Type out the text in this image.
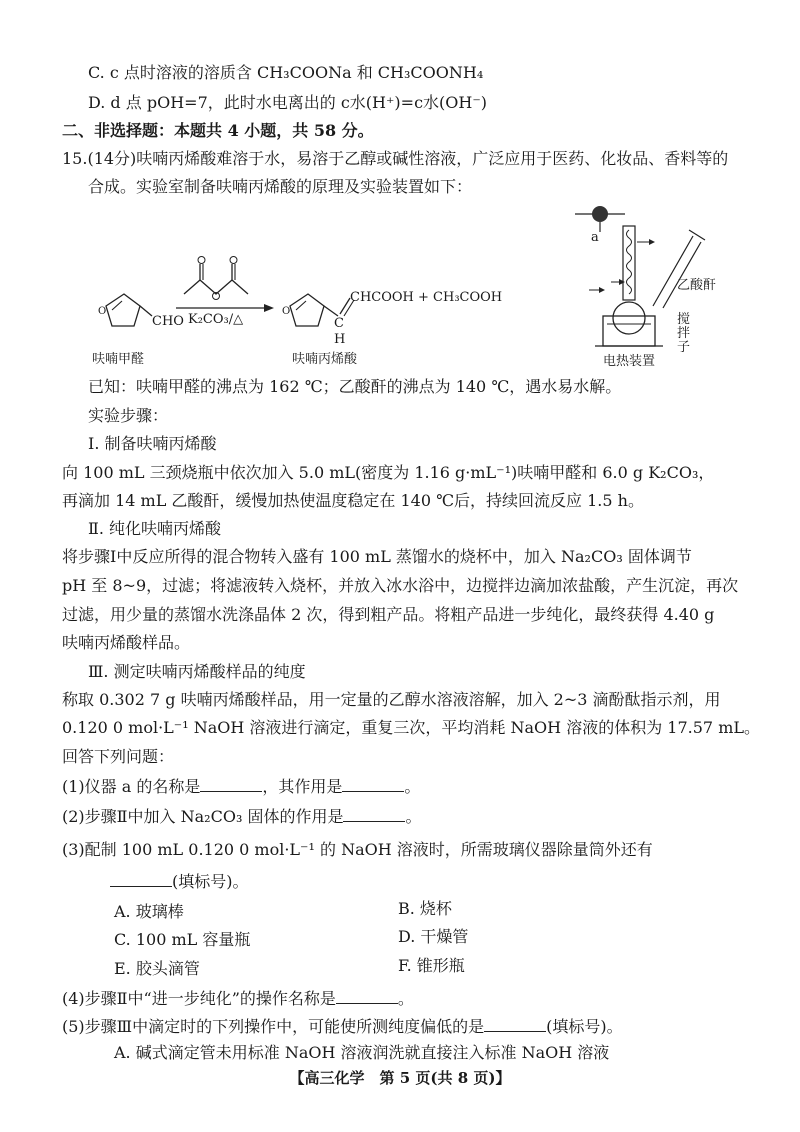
C. c 点时溶液的溶质含 CH₃COONa 和 CH₃COONH₄
D. d 点 pOH=7，此时水电离出的 c水(H⁺)=c水(OH⁻)
二、非选择题：本题共 4 小题，共 58 分。
15.(14分)呋喃丙烯酸难溶于水，易溶于乙醇或碱性溶液，广泛应用于医药、化妆品、香料等的
合成。实验室制备呋喃丙烯酸的原理及实验装置如下：
O	O
CHO K₂CO₃/△
CHCOOH + CH₃COOH
C
H
呋喃甲醛	呋喃丙烯酸
a
乙酸酐
搅
拌
子
电热装置
已知：呋喃甲醛的沸点为 162 ℃；乙酸酐的沸点为 140 ℃，遇水易水解。
实验步骤：
Ⅰ. 制备呋喃丙烯酸
向 100 mL 三颈烧瓶中依次加入 5.0 mL(密度为 1.16 g·mL⁻¹)呋喃甲醛和 6.0 g K₂CO₃，
再滴加 14 mL 乙酸酐，缓慢加热使温度稳定在 140 ℃后，持续回流反应 1.5 h。
Ⅱ. 纯化呋喃丙烯酸
将步骤Ⅰ中反应所得的混合物转入盛有 100 mL 蒸馏水的烧杯中，加入 Na₂CO₃ 固体调节
pH 至 8~9，过滤；将滤液转入烧杯，并放入冰水浴中，边搅拌边滴加浓盐酸，产生沉淀，再次
过滤，用少量的蒸馏水洗涤晶体 2 次，得到粗产品。将粗产品进一步纯化，最终获得 4.40 g
呋喃丙烯酸样品。
Ⅲ. 测定呋喃丙烯酸样品的纯度
称取 0.302 7 g 呋喃丙烯酸样品，用一定量的乙醇水溶液溶解，加入 2~3 滴酚酞指示剂，用
0.120 0 mol·L⁻¹ NaOH 溶液进行滴定，重复三次，平均消耗 NaOH 溶液的体积为 17.57 mL。
回答下列问题：
(1)仪器 a 的名称是	，其作用是	。
(2)步骤Ⅱ中加入 Na₂CO₃ 固体的作用是	。
(3)配制 100 mL 0.120 0 mol·L⁻¹ 的 NaOH 溶液时，所需玻璃仪器除量筒外还有
(填标号)。
A. 玻璃棒	B. 烧杯
C. 100 mL 容量瓶	D. 干燥管
E. 胶头滴管	F. 锥形瓶
(4)步骤Ⅱ中“进一步纯化”的操作名称是	。
(5)步骤Ⅲ中滴定时的下列操作中，可能使所测纯度偏低的是	(填标号)。
A. 碱式滴定管未用标准 NaOH 溶液润洗就直接注入标准 NaOH 溶液
【高三化学　第 5 页(共 8 页)】
